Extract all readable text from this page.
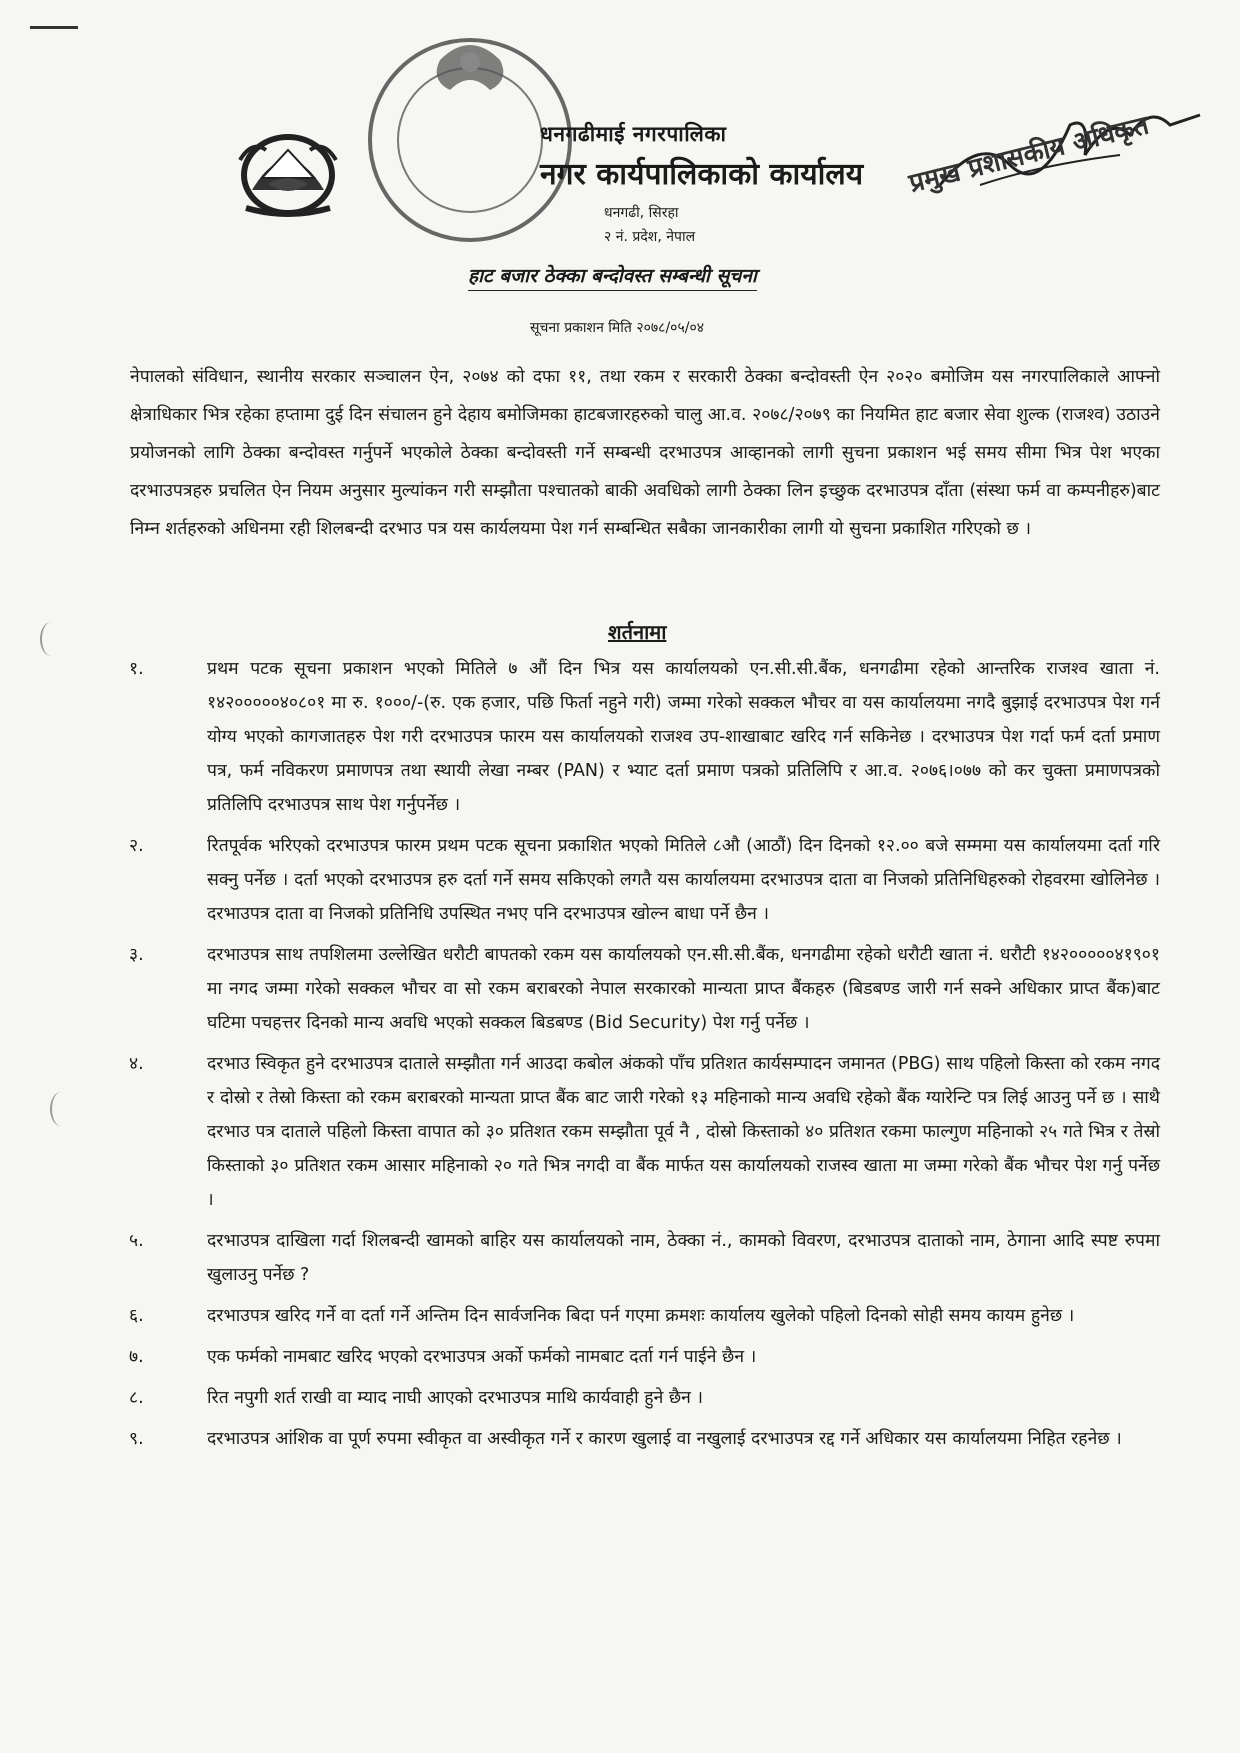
प्रमुख प्रशासकीय अधिकृत
धनगढीमाई नगरपालिका
नगर कार्यपालिकाको कार्यालय
धनगढी, सिरहा
२ नं. प्रदेश, नेपाल
हाट बजार ठेक्का बन्दोवस्त सम्बन्धी सूचना
सूचना प्रकाशन मिति २०७८/०५/०४
नेपालको संविधान, स्थानीय सरकार सञ्चालन ऐन, २०७४ को दफा ११, तथा रकम र सरकारी ठेक्का बन्दोवस्ती ऐन २०२० बमोजिम यस नगरपालिकाले आफ्नो क्षेत्राधिकार भित्र रहेका हप्तामा दुई दिन संचालन हुने देहाय बमोजिमका हाटबजारहरुको चालु आ.व. २०७८/२०७९ का नियमित हाट बजार सेवा शुल्क (राजश्व) उठाउने प्रयोजनको लागि ठेक्का बन्दोवस्त गर्नुपर्ने भएकोले ठेक्का बन्दोवस्ती गर्ने सम्बन्धी दरभाउपत्र आव्हानको लागी सुचना प्रकाशन भई समय सीमा भित्र पेश भएका दरभाउपत्रहरु प्रचलित ऐन नियम अनुसार मुल्यांकन गरी सम्झौता पश्चातको बाकी अवधिको लागी ठेक्का लिन इच्छुक दरभाउपत्र दाँता (संस्था फर्म वा कम्पनीहरु)बाट निम्न शर्तहरुको अधिनमा रही शिलबन्दी दरभाउ पत्र यस कार्यलयमा पेश गर्न सम्बन्धित सबैका जानकारीका लागी यो सुचना प्रकाशित गरिएको छ ।
शर्तनामा
१.	प्रथम पटक सूचना प्रकाशन भएको मितिले ७ औं दिन भित्र यस कार्यालयको एन.सी.सी.बैंक, धनगढीमा रहेको आन्तरिक राजश्व खाता नं. १४२०००००४०८०१ मा रु. १०००/-(रु. एक हजार, पछि फिर्ता नहुने गरी) जम्मा गरेको सक्कल भौचर वा यस कार्यालयमा नगदै बुझाई दरभाउपत्र पेश गर्न योग्य भएको कागजातहरु पेश गरी दरभाउपत्र फारम यस कार्यालयको राजश्व उप-शाखाबाट खरिद गर्न सकिनेछ । दरभाउपत्र पेश गर्दा फर्म दर्ता प्रमाण पत्र, फर्म नविकरण प्रमाणपत्र तथा स्थायी लेखा नम्बर (PAN) र भ्याट दर्ता प्रमाण पत्रको प्रतिलिपि र आ.व. २०७६।०७७ को कर चुक्ता प्रमाणपत्रको प्रतिलिपि दरभाउपत्र साथ पेश गर्नुपर्नेछ ।
२.	रितपूर्वक भरिएको दरभाउपत्र फारम प्रथम पटक सूचना प्रकाशित भएको मितिले ८औ (आठौं) दिन दिनको १२.०० बजे सम्ममा यस कार्यालयमा दर्ता गरि सक्नु पर्नेछ । दर्ता भएको दरभाउपत्र हरु दर्ता गर्ने समय सकिएको लगतै यस कार्यालयमा दरभाउपत्र दाता वा निजको प्रतिनिधिहरुको रोहवरमा खोलिनेछ । दरभाउपत्र दाता वा निजको प्रतिनिधि उपस्थित नभए पनि दरभाउपत्र खोल्न बाधा पर्ने छैन ।
३.	दरभाउपत्र साथ तपशिलमा उल्लेखित धरौटी बापतको रकम यस कार्यालयको एन.सी.सी.बैंक, धनगढीमा रहेको धरौटी खाता नं. धरौटी १४२०००००४१९०१ मा नगद जम्मा गरेको सक्कल भौचर वा सो रकम बराबरको नेपाल सरकारको मान्यता प्राप्त बैंकहरु (बिडबण्ड जारी गर्न सक्ने अधिकार प्राप्त बैंक)बाट घटिमा पचहत्तर दिनको मान्य अवधि भएको सक्कल बिडबण्ड (Bid Security) पेश गर्नु पर्नेछ ।
४.	दरभाउ स्विकृत हुने दरभाउपत्र दाताले सम्झौता गर्न आउदा कबोल अंकको पाँच प्रतिशत कार्यसम्पादन जमानत (PBG) साथ पहिलो किस्ता को रकम नगद र दोस्रो र तेस्रो किस्ता को रकम बराबरको मान्यता प्राप्त बैंक बाट जारी गरेको १३ महिनाको मान्य अवधि रहेको बैंक ग्यारेन्टि पत्र लिई आउनु पर्ने छ । साथै दरभाउ पत्र दाताले पहिलो किस्ता वापात को ३० प्रतिशत रकम सम्झौता पूर्व नै , दोस्रो किस्ताको ४० प्रतिशत रकमा फाल्गुण महिनाको २५ गते भित्र र तेस्रो किस्ताको ३० प्रतिशत रकम आसार महिनाको २० गते भित्र नगदी वा बैंक मार्फत यस कार्यालयको राजस्व खाता मा जम्मा गरेको बैंक भौचर पेश गर्नु पर्नेछ ।
५.	दरभाउपत्र दाखिला गर्दा शिलबन्दी खामको बाहिर यस कार्यालयको नाम, ठेक्का नं., कामको विवरण, दरभाउपत्र दाताको नाम, ठेगाना आदि स्पष्ट रुपमा खुलाउनु पर्नेछ ?
६.	दरभाउपत्र खरिद गर्ने वा दर्ता गर्ने अन्तिम दिन सार्वजनिक बिदा पर्न गएमा क्रमशः कार्यालय खुलेको पहिलो दिनको सोही समय कायम हुनेछ ।
७.	एक फर्मको नामबाट खरिद भएको दरभाउपत्र अर्को फर्मको नामबाट दर्ता गर्न पाईने छैन ।
८.	रित नपुगी शर्त राखी वा म्याद नाघी आएको दरभाउपत्र माथि कार्यवाही हुने छैन ।
९.	दरभाउपत्र आंशिक वा पूर्ण रुपमा स्वीकृत वा अस्वीकृत गर्ने र कारण खुलाई वा नखुलाई दरभाउपत्र रद्द गर्ने अधिकार यस कार्यालयमा निहित रहनेछ ।
